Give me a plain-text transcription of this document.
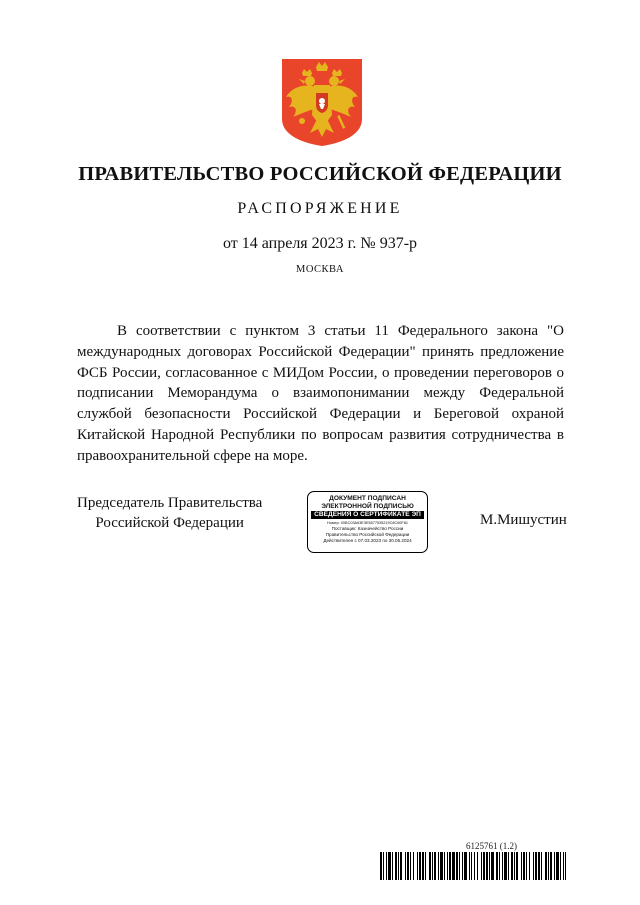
ПРАВИТЕЛЬСТВО РОССИЙСКОЙ ФЕДЕРАЦИИ
РАСПОРЯЖЕНИЕ
от 14 апреля 2023 г. № 937-р
МОСКВА

В соответствии с пунктом 3 статьи 11 Федерального закона "О международных договорах Российской Федерации" принять предложение ФСБ России, согласованное с МИДом России, о проведении переговоров о подписании Меморандума о взаимопонимании между Федеральной службой безопасности Российской Федерации и Береговой охраной Китайской Народной Республики по вопросам развития сотрудничества в правоохранительной сфере на море.

Председатель Правительства
Российской Федерации
ДОКУМЕНТ ПОДПИСАН
ЭЛЕКТРОННОЙ ПОДПИСЬЮ
СВЕДЕНИЯ О СЕРТИФИКАТЕ ЭП
Номер: 00BC03A63E3E5577535219C8C60F81
Поставщик: Казначейство России
Правительство Российской Федерации
Действителен с 07.03.2023 по 30.05.2024
М.Мишустин
6125761 (1.2)
